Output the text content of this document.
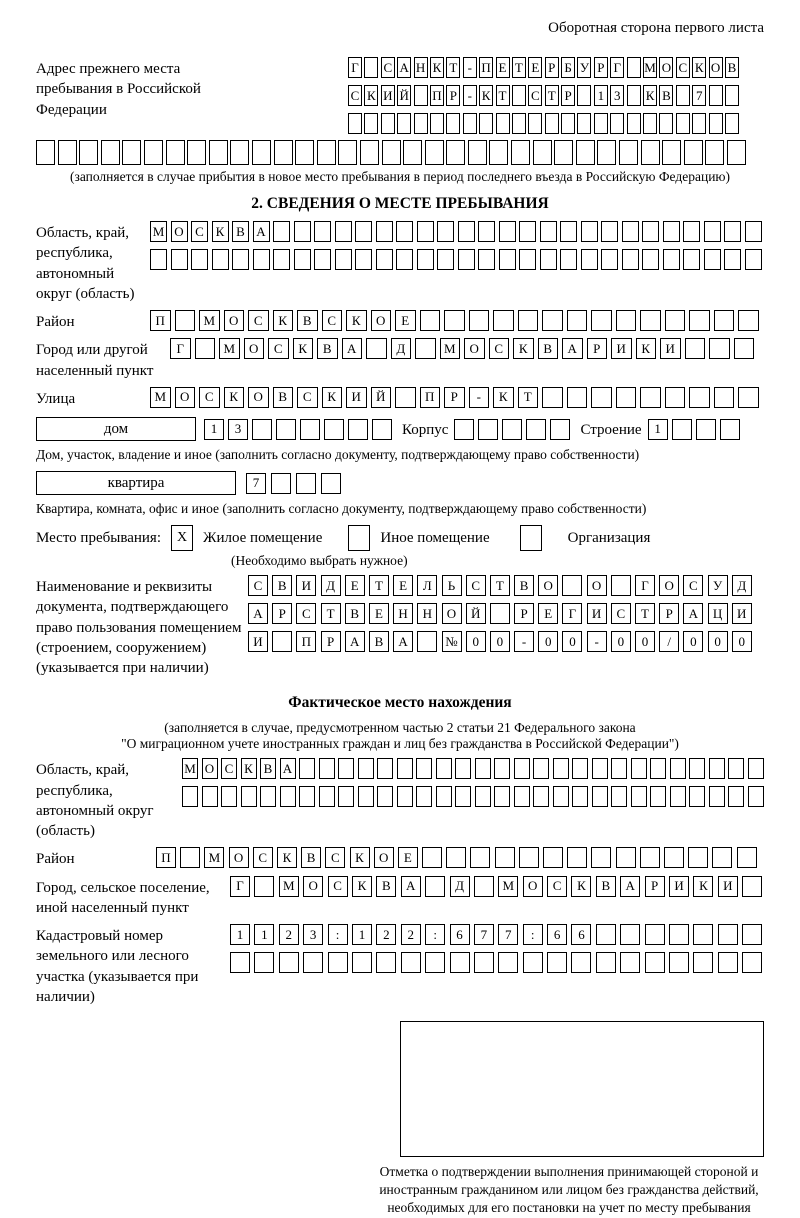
Оборотная сторона первого листа
Адрес прежнего места пребывания в Российской Федерации
Г С А Н К Т - П Е Т Е Р Б У Р Г М О С К О В
С К И Й П Р - К Т С Т Р 1 3 К В 7
(заполняется в случае прибытия в новое место пребывания в период последнего въезда в Российскую Федерацию)
2. СВЕДЕНИЯ О МЕСТЕ ПРЕБЫВАНИЯ
Область, край, республика, автономный округ (область)
М О С К В А
Район	П	М	О	С	К	В	С	К	О	Е
Город или другой населенный пункт
Г	М	О	С	К	В	А	Д	М	О	С	К	В	А	Р	И	К	И
Улица	М	О	С	К	О	В	С	К	И	Й	П	Р	-	К	Т
дом	1	3	Корпус	Строение 1
Дом, участок, владение и иное (заполнить согласно документу, подтверждающему право собственности)
квартира	7
Квартира, комната, офис и иное (заполнить согласно документу, подтверждающему право собственности)
Место пребывания:	X	Жилое помещение	Иное помещение	Организация
(Необходимо выбрать нужное)
Наименование и реквизиты документа, подтверждающего право пользования помещением (строением, сооружением) (указывается при наличии)
С	В	И	Д	Е	Т	Е	Л	Ь	С	Т	В	О	О	Г	О	С	У	Д
А	Р	С	Т	В	Е	Н	Н	О	Й	Р	Е	Г	И	С	Т	Р	А	Ц	И
И	П	Р	А	В	А	№	0	0	-	0	0	-	0	0	/	0	0	0
Фактическое место нахождения
(заполняется в случае, предусмотренном частью 2 статьи 21 Федерального закона
"О миграционном учете иностранных граждан и лиц без гражданства в Российской Федерации")
Область, край, республика, автономный округ (область)
М О С К В А
Район	П	М	О	С	К	В	С	К	О	Е
Город, сельское поселение, иной населенный пункт
Г	М	О	С	К	В	А	Д	М	О	С	К	В	А	Р	И	К	И
Кадастровый номер земельного или лесного участка (указывается при наличии)
1	1	2	3	:	1	2	2	:	6	7	7	:	6	6
Отметка о подтверждении выполнения принимающей стороной и иностранным гражданином или лицом без гражданства действий, необходимых для его постановки на учет по месту пребывания
